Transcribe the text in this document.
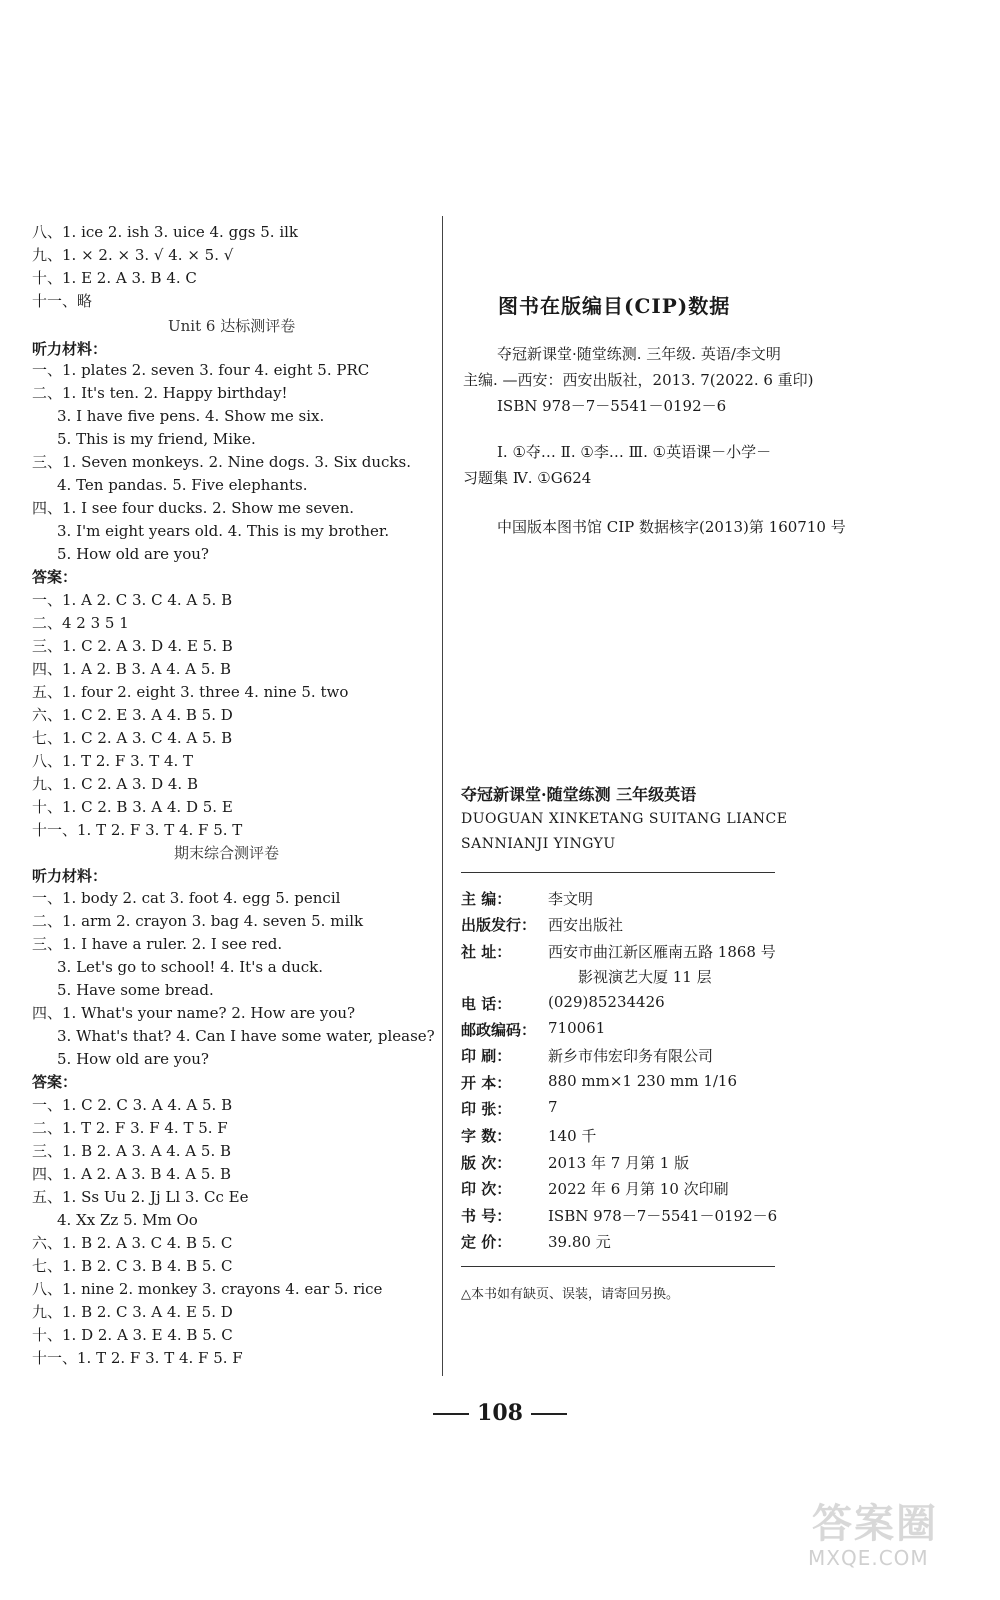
八、1. ice 2. ish 3. uice 4. ggs 5. ilk
九、1. × 2. × 3. √ 4. × 5. √
十、1. E 2. A 3. B 4. C
十一、略
Unit 6 达标测评卷
听力材料：
一、1. plates 2. seven 3. four 4. eight 5. PRC
二、1. It's ten. 2. Happy birthday!
3. I have five pens. 4. Show me six.
5. This is my friend, Mike.
三、1. Seven monkeys. 2. Nine dogs. 3. Six ducks.
4. Ten pandas. 5. Five elephants.
四、1. I see four ducks. 2. Show me seven.
3. I'm eight years old. 4. This is my brother.
5. How old are you?
答案：
一、1. A 2. C 3. C 4. A 5. B
二、4 2 3 5 1
三、1. C 2. A 3. D 4. E 5. B
四、1. A 2. B 3. A 4. A 5. B
五、1. four 2. eight 3. three 4. nine 5. two
六、1. C 2. E 3. A 4. B 5. D
七、1. C 2. A 3. C 4. A 5. B
八、1. T 2. F 3. T 4. T
九、1. C 2. A 3. D 4. B
十、1. C 2. B 3. A 4. D 5. E
十一、1. T 2. F 3. T 4. F 5. T
期末综合测评卷
听力材料：
一、1. body 2. cat 3. foot 4. egg 5. pencil
二、1. arm 2. crayon 3. bag 4. seven 5. milk
三、1. I have a ruler. 2. I see red.
3. Let's go to school! 4. It's a duck.
5. Have some bread.
四、1. What's your name? 2. How are you?
3. What's that? 4. Can I have some water, please?
5. How old are you?
答案：
一、1. C 2. C 3. A 4. A 5. B
二、1. T 2. F 3. F 4. T 5. F
三、1. B 2. A 3. A 4. A 5. B
四、1. A 2. A 3. B 4. A 5. B
五、1. Ss Uu 2. Jj Ll 3. Cc Ee
4. Xx Zz 5. Mm Oo
六、1. B 2. A 3. C 4. B 5. C
七、1. B 2. C 3. B 4. B 5. C
八、1. nine 2. monkey 3. crayons 4. ear 5. rice
九、1. B 2. C 3. A 4. E 5. D
十、1. D 2. A 3. E 4. B 5. C
十一、1. T 2. F 3. T 4. F 5. F
图书在版编目(CIP)数据
夺冠新课堂·随堂练测. 三年级. 英语/李文明
主编. —西安：西安出版社，2013. 7(2022. 6 重印)
ISBN 978－7－5541－0192－6
Ⅰ. ①夺… Ⅱ. ①李… Ⅲ. ①英语课－小学－
习题集 Ⅳ. ①G624
中国版本图书馆 CIP 数据核字(2013)第 160710 号
夺冠新课堂·随堂练测 三年级英语
DUOGUAN XINKETANG SUITANG LIANCE
SANNIANJI YINGYU
主 编： 李文明
出版发行： 西安出版社
社 址： 西安市曲江新区雁南五路 1868 号
影视演艺大厦 11 层
电 话： (029)85234426
邮政编码： 710061
印 刷： 新乡市伟宏印务有限公司
开 本： 880 mm×1 230 mm 1/16
印 张： 7
字 数： 140 千
版 次： 2013 年 7 月第 1 版
印 次： 2022 年 6 月第 10 次印刷
书 号： ISBN 978－7－5541－0192－6
定 价： 39.80 元
△本书如有缺页、误装，请寄回另换。
108
答案圈
MXQE.COM
